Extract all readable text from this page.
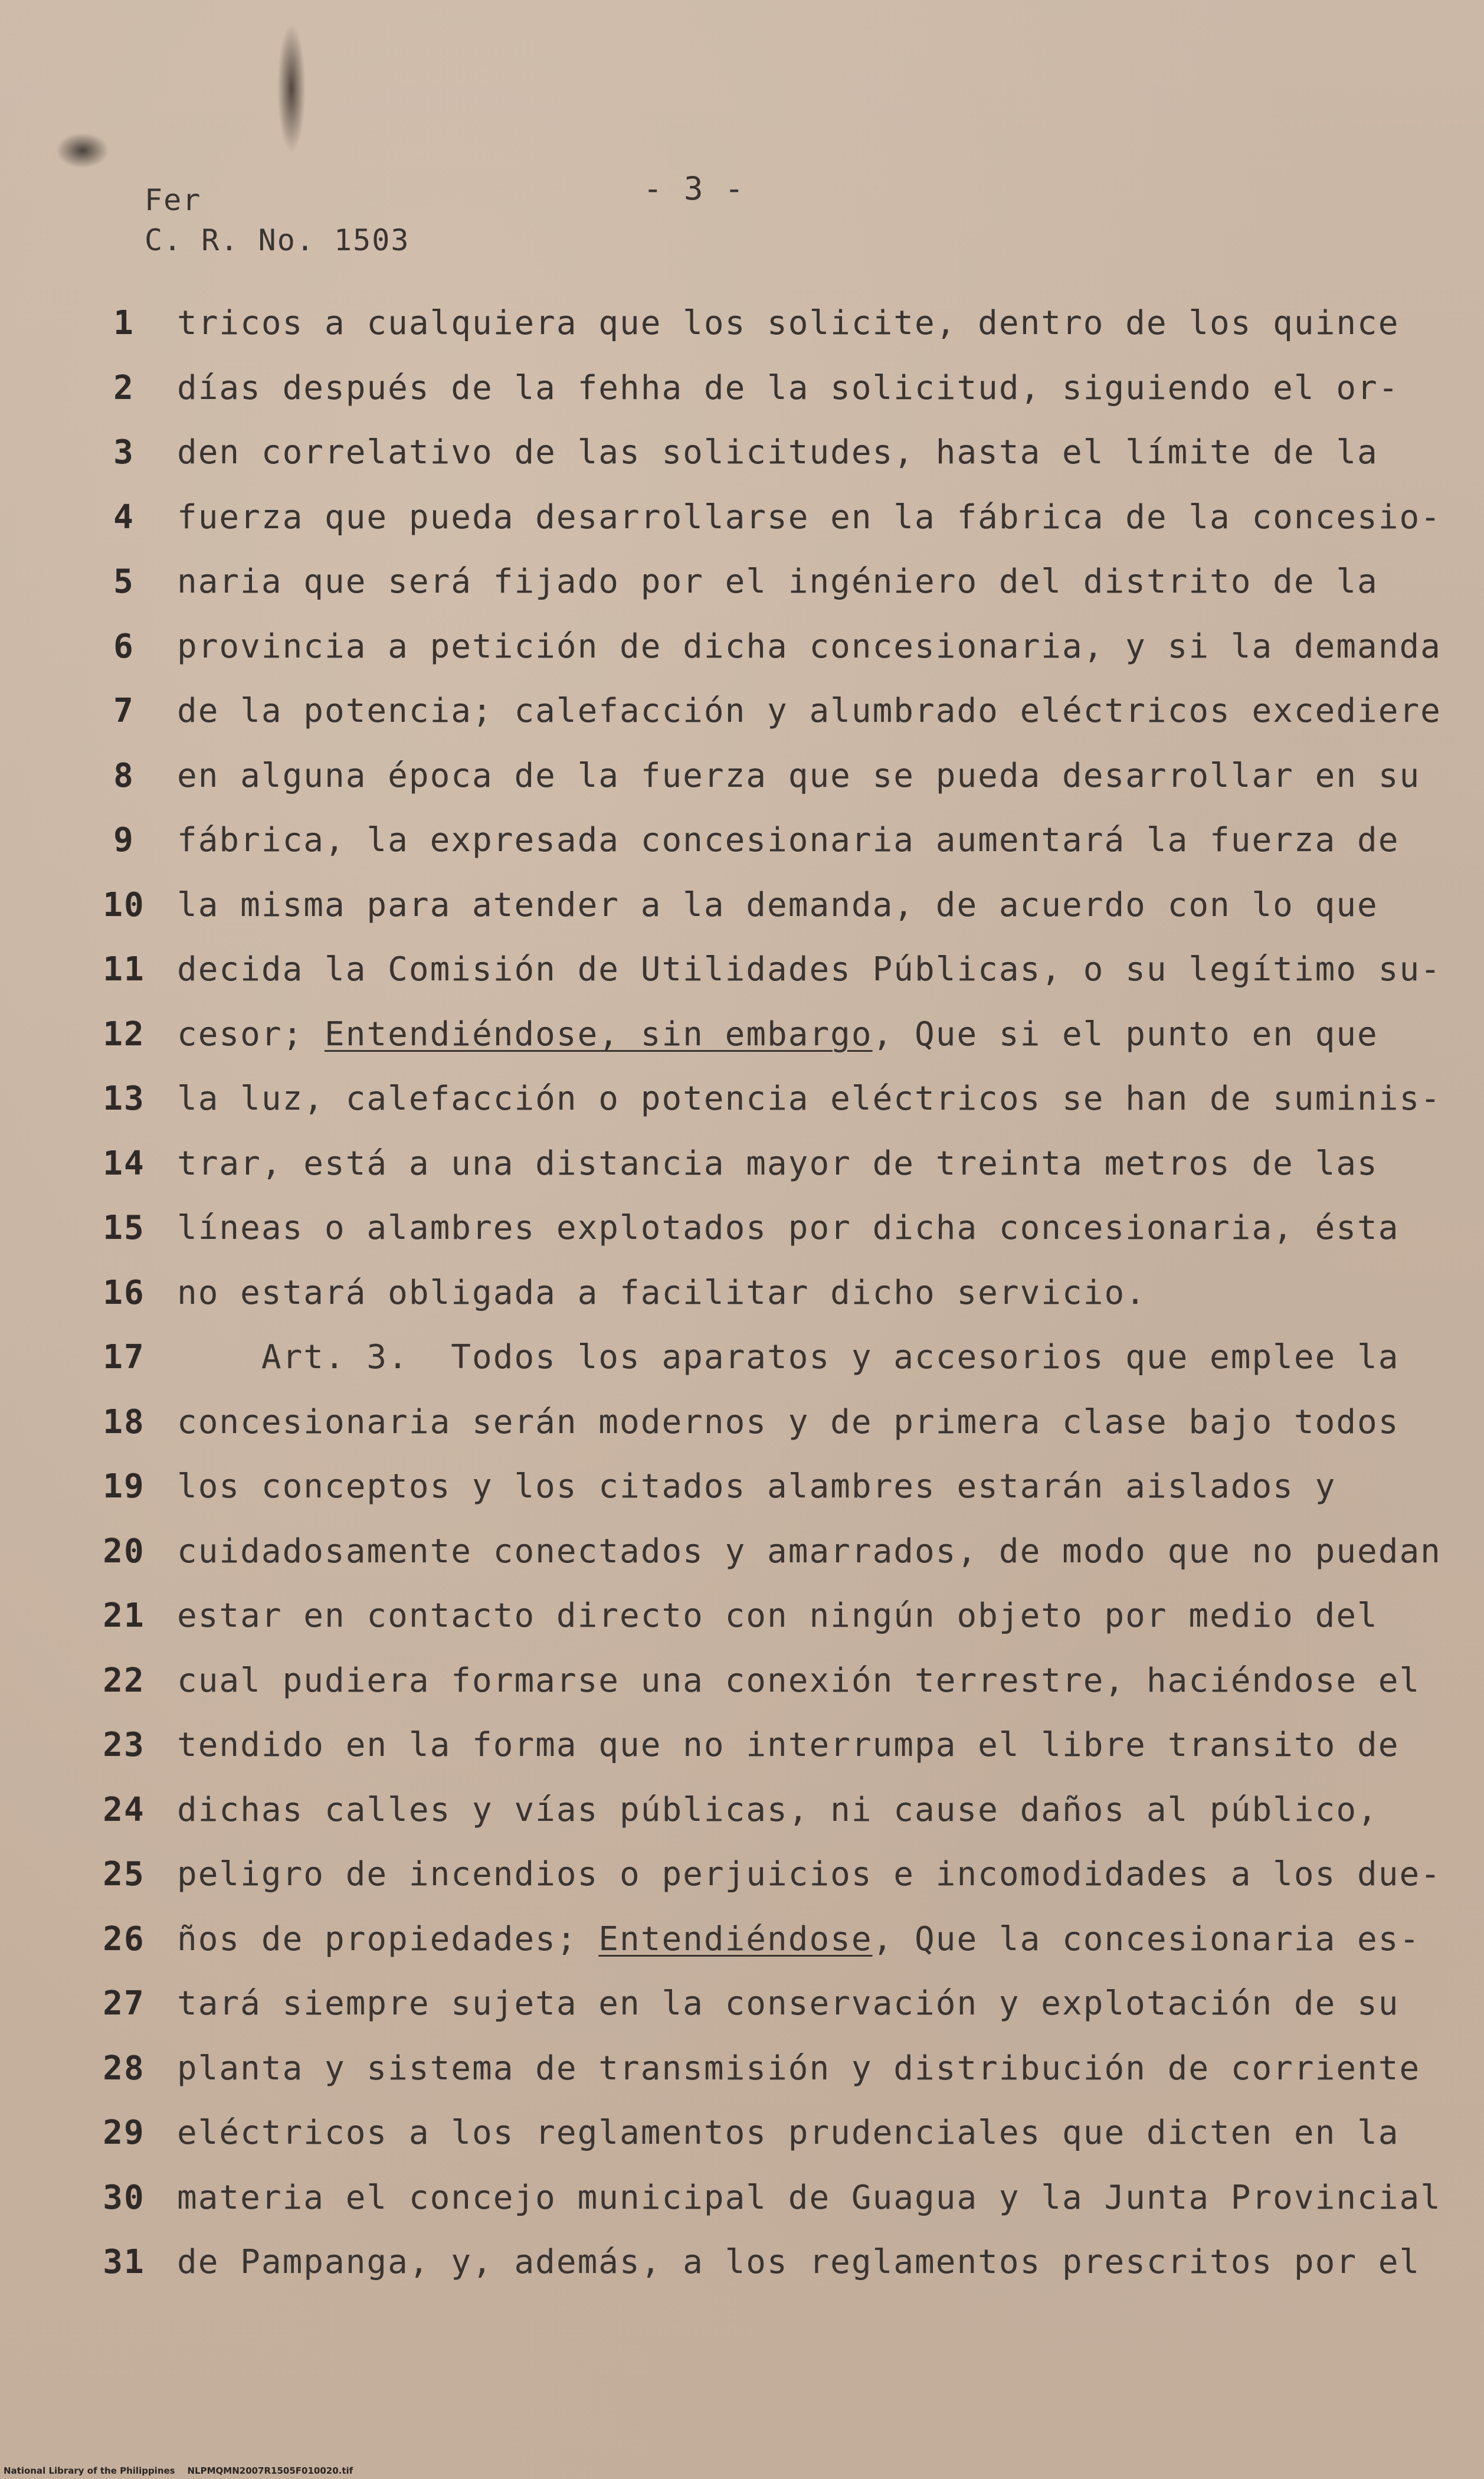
Fer
C. R. No. 1503
- 3 -
1	tricos a cualquiera que los solicite, dentro de los quince
2	días después de la fehha de la solicitud, siguiendo el or-
3	den correlativo de las solicitudes, hasta el límite de la
4	fuerza que pueda desarrollarse en la fábrica de la concesio-
5	naria que será fijado por el ingéniero del distrito de la
6	provincia a petición de dicha concesionaria, y si la demanda
7	de la potencia; calefacción y alumbrado eléctricos excediere
8	en alguna época de la fuerza que se pueda desarrollar en su
9	fábrica, la expresada concesionaria aumentará la fuerza de
10 la misma para atender a la demanda, de acuerdo con lo que
11 decida la Comisión de Utilidades Públicas, o su legítimo su-
12 cesor; Entendiéndose, sin embargo, Que si el punto en que
13 la luz, calefacción o potencia eléctricos se han de suminis-
14 trar, está a una distancia mayor de treinta metros de las
15 líneas o alambres explotados por dicha concesionaria, ésta
16 no estará obligada a facilitar dicho servicio.
17 Art. 3.  Todos los aparatos y accesorios que emplee la
18 concesionaria serán modernos y de primera clase bajo todos
19 los conceptos y los citados alambres estarán aislados y
20 cuidadosamente conectados y amarrados, de modo que no puedan
21 estar en contacto directo con ningún objeto por medio del
22 cual pudiera formarse una conexión terrestre, haciéndose el
23 tendido en la forma que no interrumpa el libre transito de
24 dichas calles y vías públicas, ni cause daños al público,
25 peligro de incendios o perjuicios e incomodidades a los due-
26 ños de propiedades; Entendiéndose, Que la concesionaria es-
27 tará siempre sujeta en la conservación y explotación de su
28 planta y sistema de transmisión y distribución de corriente
29 eléctricos a los reglamentos prudenciales que dicten en la
30 materia el concejo municipal de Guagua y la Junta Provincial
31 de Pampanga, y, además, a los reglamentos prescritos por el
National Library of the Philippines    NLPMQMN2007R1505F010020.tif
